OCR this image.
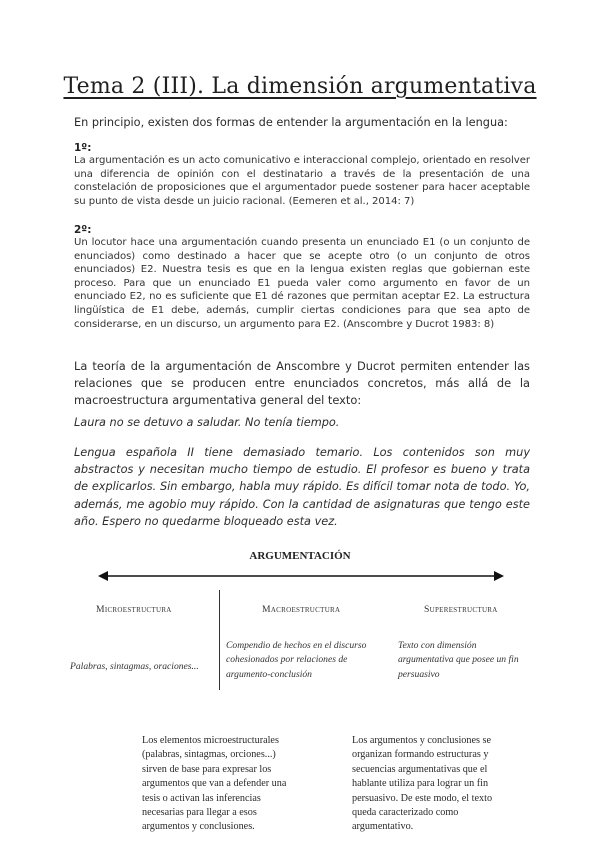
Tema 2 (III). La dimensión argumentativa
En principio, existen dos formas de entender la argumentación en la lengua:
1º:
La argumentación es un acto comunicativo e interaccional complejo, orientado en resolver una diferencia de opinión con el destinatario a través de la presentación de una constelación de proposiciones que el argumentador puede sostener para hacer aceptable su punto de vista desde un juicio racional. (Eemeren et al., 2014: 7)
2º:
Un locutor hace una argumentación cuando presenta un enunciado E1 (o un conjunto de enunciados) como destinado a hacer que se acepte otro (o un conjunto de otros enunciados) E2. Nuestra tesis es que en la lengua existen reglas que gobiernan este proceso. Para que un enunciado E1 pueda valer como argumento en favor de un enunciado E2, no es suficiente que E1 dé razones que permitan aceptar E2. La estructura lingüística de E1 debe, además, cumplir ciertas condiciones para que sea apto de considerarse, en un discurso, un argumento para E2. (Anscombre y Ducrot 1983: 8)
La teoría de la argumentación de Anscombre y Ducrot permiten entender las relaciones que se producen entre enunciados concretos, más allá de la macroestructura argumentativa general del texto:
Laura no se detuvo a saludar. No tenía tiempo.
Lengua española II tiene demasiado temario. Los contenidos son muy abstractos y necesitan mucho tiempo de estudio. El profesor es bueno y trata de explicarlos. Sin embargo, habla muy rápido. Es difícil tomar nota de todo. Yo, además, me agobio muy rápido. Con la cantidad de asignaturas que tengo este año. Espero no quedarme bloqueado esta vez.
ARGUMENTACIÓN
Microestructura	Macroestructura	Superestructura
Palabras, sintagmas, oraciones...
Compendio de hechos en el discurso cohesionados por relaciones de argumento-conclusión
Texto con dimensión argumentativa que posee un fin persuasivo
Los elementos microestructurales (palabras, sintagmas, orciones...) sirven de base para expresar los argumentos que van a defender una tesis o activan las inferencias necesarias para llegar a esos argumentos y conclusiones.
Los argumentos y conclusiones se organizan formando estructuras y secuencias argumentativas que el hablante utiliza para lograr un fin persuasivo. De este modo, el texto queda caracterizado como argumentativo.
